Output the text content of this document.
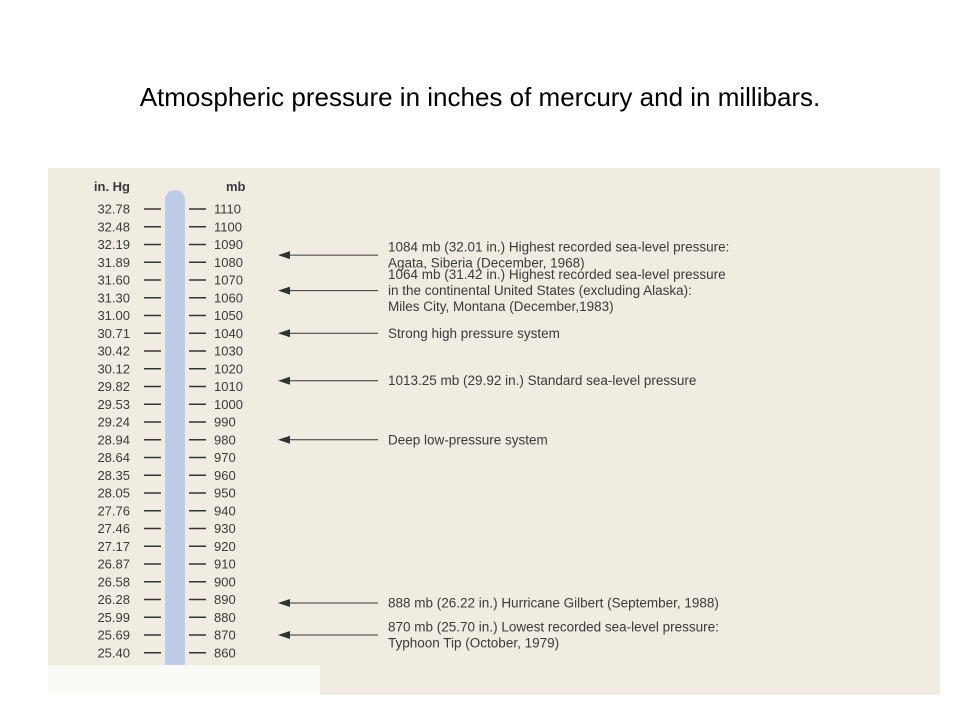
Atmospheric pressure in inches of mercury and in millibars.
in. Hg	mb
32.78	1110
32.48	1100
32.19	1090
31.89	1080
31.60	1070
31.30	1060
31.00	1050
30.71	1040
30.42	1030
30.12	1020
29.82	1010
29.53	1000
29.24	990
28.94	980
28.64	970
28.35	960
28.05	950
27.76	940
27.46	930
27.17	920
26.87	910
26.58	900
26.28	890
25.99	880
25.69	870
25.40	860
1084 mb (32.01 in.) Highest recorded sea-level pressure:
Agata, Siberia (December, 1968)
1064 mb (31.42 in.) Highest recorded sea-level pressure
in the continental United States (excluding Alaska):
Miles City, Montana (December,1983)
Strong high pressure system
1013.25 mb (29.92 in.) Standard sea-level pressure
Deep low-pressure system
888 mb (26.22 in.) Hurricane Gilbert (September, 1988)
870 mb (25.70 in.) Lowest recorded sea-level pressure:
Typhoon Tip (October, 1979)
